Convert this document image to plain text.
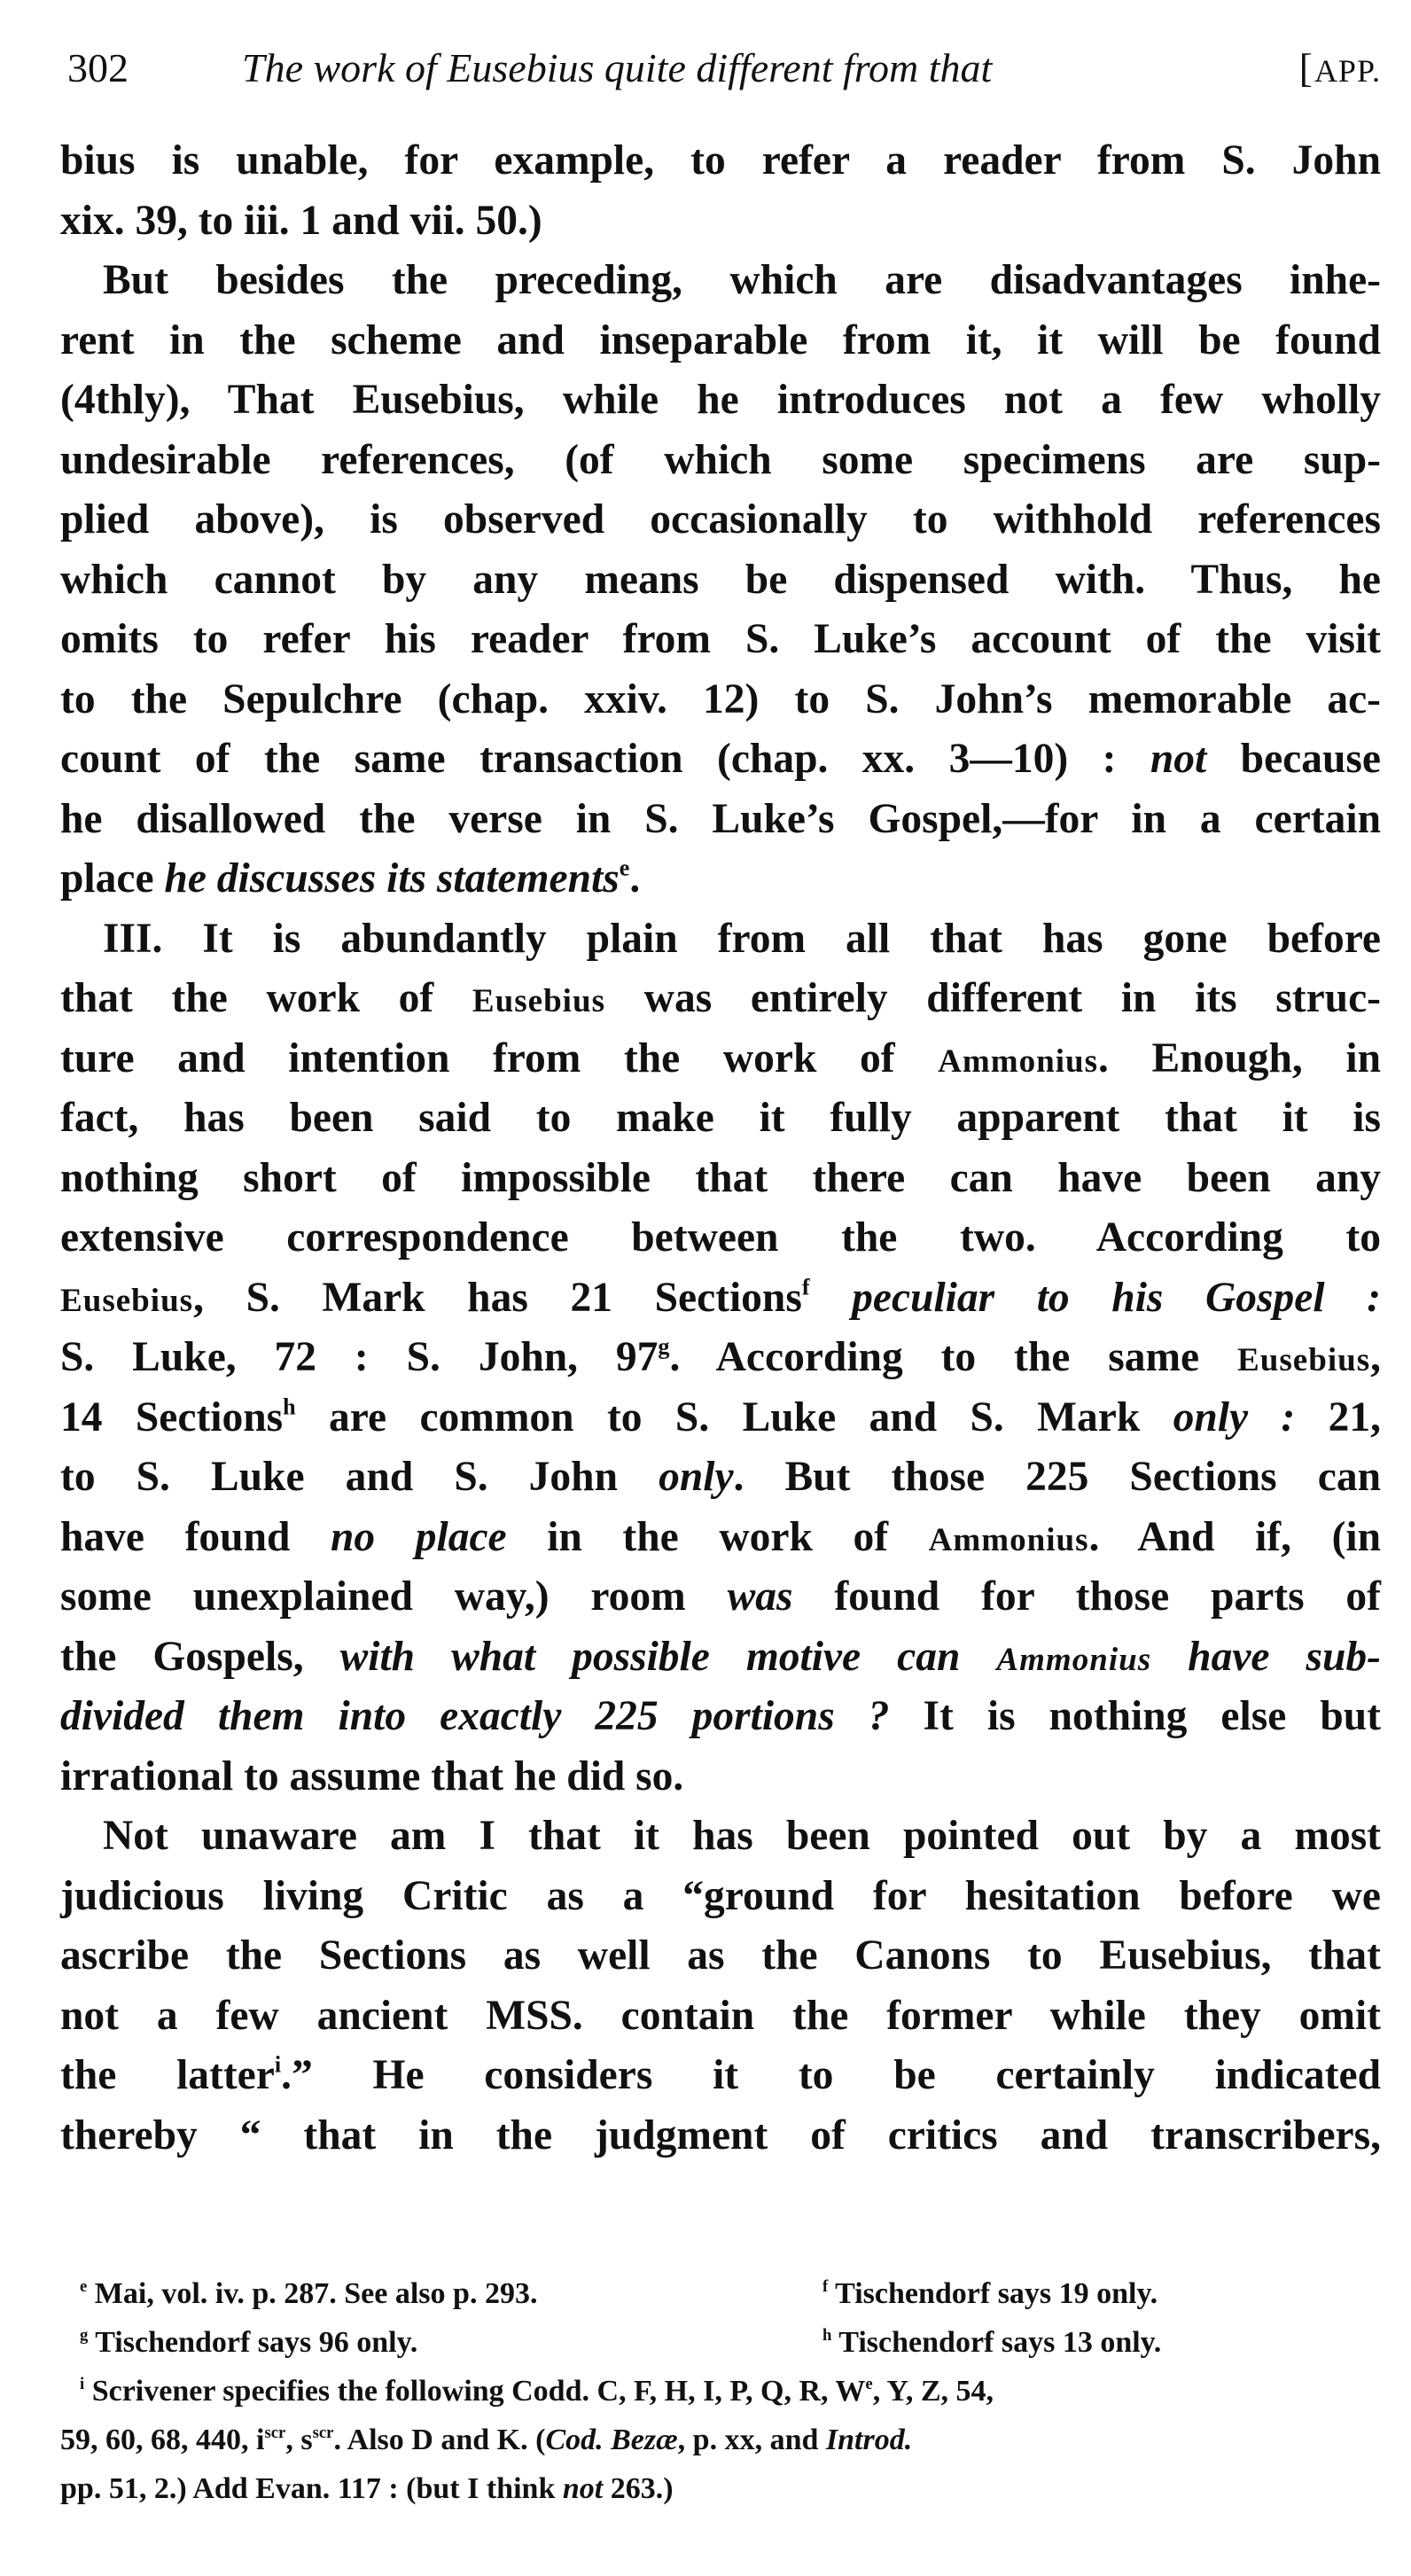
302	The work of Eusebius quite different from that	[APP.
bius is unable, for example, to refer a reader from S. John
xix. 39, to iii. 1 and vii. 50.)
But besides the preceding, which are disadvantages inhe-
rent in the scheme and inseparable from it, it will be found
(4thly), That Eusebius, while he introduces not a few wholly
undesirable references, (of which some specimens are sup-
plied above), is observed occasionally to withhold references
which cannot by any means be dispensed with. Thus, he
omits to refer his reader from S. Luke’s account of the visit
to the Sepulchre (chap. xxiv. 12) to S. John’s memorable ac-
count of the same transaction (chap. xx. 3—10) : not because
he disallowed the verse in S. Luke’s Gospel,—for in a certain
place he discusses its statements$^e$.
III. It is abundantly plain from all that has gone before
that the work of Eusebius was entirely different in its struc-
ture and intention from the work of Ammonius. Enough, in
fact, has been said to make it fully apparent that it is
nothing short of impossible that there can have been any
extensive correspondence between the two. According to
Eusebius, S. Mark has 21 Sections$^f$ peculiar to his Gospel :
S. Luke, 72 : S. John, 97$^g$. According to the same Eusebius,
14 Sections$^h$ are common to S. Luke and S. Mark only : 21,
to S. Luke and S. John only. But those 225 Sections can
have found no place in the work of Ammonius. And if, (in
some unexplained way,) room was found for those parts of
the Gospels, with what possible motive can Ammonius have sub-
divided them into exactly 225 portions ? It is nothing else but
irrational to assume that he did so.
Not unaware am I that it has been pointed out by a most
judicious living Critic as a “ground for hesitation before we
ascribe the Sections as well as the Canons to Eusebius, that
not a few ancient MSS. contain the former while they omit
the latter$^i$.” He considers it to be certainly indicated
thereby “ that in the judgment of critics and transcribers,
$^e$ Mai, vol. iv. p. 287. See also p. 293.	$^f$ Tischendorf says 19 only.
$^g$ Tischendorf says 96 only.	$^h$ Tischendorf says 13 only.
$^i$ Scrivener specifies the following Codd. C, F, H, I, P, Q, R, $W^e$, Y, Z, 54,
59, 60, 68, 440, $i^{scr}$, $s^{scr}$. Also D and K. (Cod. Bezæ, p. xx, and Introd.
pp. 51, 2.) Add Evan. 117 : (but I think not 263.)
